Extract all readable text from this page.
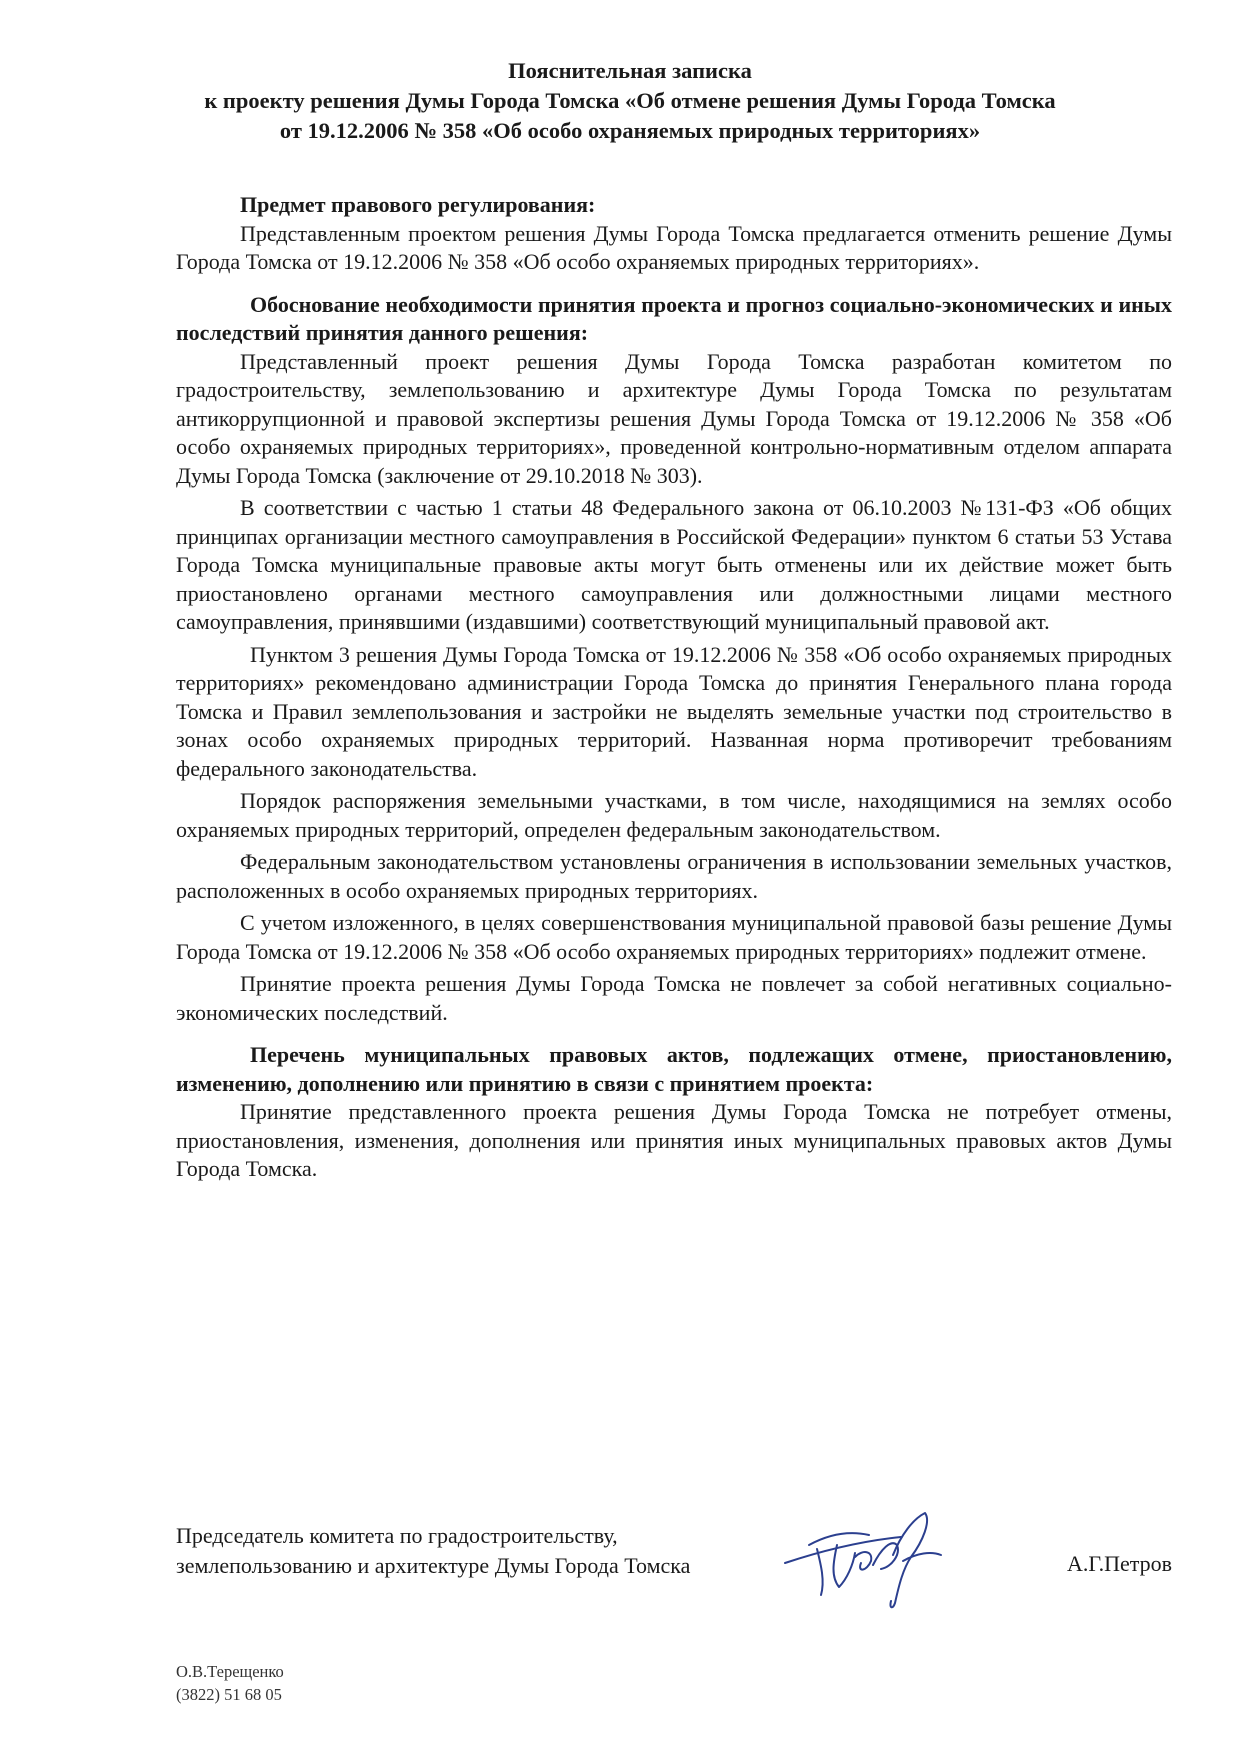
Пояснительная записка
к проекту решения Думы Города Томска «Об отмене решения Думы Города Томска
от 19.12.2006 № 358 «Об особо охраняемых природных территориях»

Предмет правового регулирования:

Представленным проектом решения Думы Города Томска предлагается отменить решение Думы Города Томска от 19.12.2006 № 358 «Об особо охраняемых природных территориях».

Обоснование необходимости принятия проекта и прогноз социально-экономических и иных последствий принятия данного решения:

Представленный проект решения Думы Города Томска разработан комитетом по градостроительству, землепользованию и архитектуре Думы Города Томска по результатам антикоррупционной и правовой экспертизы решения Думы Города Томска от 19.12.2006 № 358 «Об особо охраняемых природных территориях», проведенной контрольно-нормативным отделом аппарата Думы Города Томска (заключение от 29.10.2018 № 303).

В соответствии с частью 1 статьи 48 Федерального закона от 06.10.2003 №131-ФЗ «Об общих принципах организации местного самоуправления в Российской Федерации» пунктом 6 статьи 53 Устава Города Томска муниципальные правовые акты могут быть отменены или их действие может быть приостановлено органами местного самоуправления или должностными лицами местного самоуправления, принявшими (издавшими) соответствующий муниципальный правовой акт.

Пунктом 3 решения Думы Города Томска от 19.12.2006 № 358 «Об особо охраняемых природных территориях» рекомендовано администрации Города Томска до принятия Генерального плана города Томска и Правил землепользования и застройки не выделять земельные участки под строительство в зонах особо охраняемых природных территорий. Названная норма противоречит требованиям федерального законодательства.

Порядок распоряжения земельными участками, в том числе, находящимися на землях особо охраняемых природных территорий, определен федеральным законодательством.

Федеральным законодательством установлены ограничения в использовании земельных участков, расположенных в особо охраняемых природных территориях.

С учетом изложенного, в целях совершенствования муниципальной правовой базы решение Думы Города Томска от 19.12.2006 № 358 «Об особо охраняемых природных территориях» подлежит отмене.

Принятие проекта решения Думы Города Томска не повлечет за собой негативных социально-экономических последствий.

Перечень муниципальных правовых актов, подлежащих отмене, приостановлению, изменению, дополнению или принятию в связи с принятием проекта:

Принятие представленного проекта решения Думы Города Томска не потребует отмены, приостановления, изменения, дополнения или принятия иных муниципальных правовых актов Думы Города Томска.

Председатель комитета по градостроительству,
землепользованию и архитектуре Думы Города Томска	А.Г.Петров
О.В.Терещенко
(3822) 51 68 05
